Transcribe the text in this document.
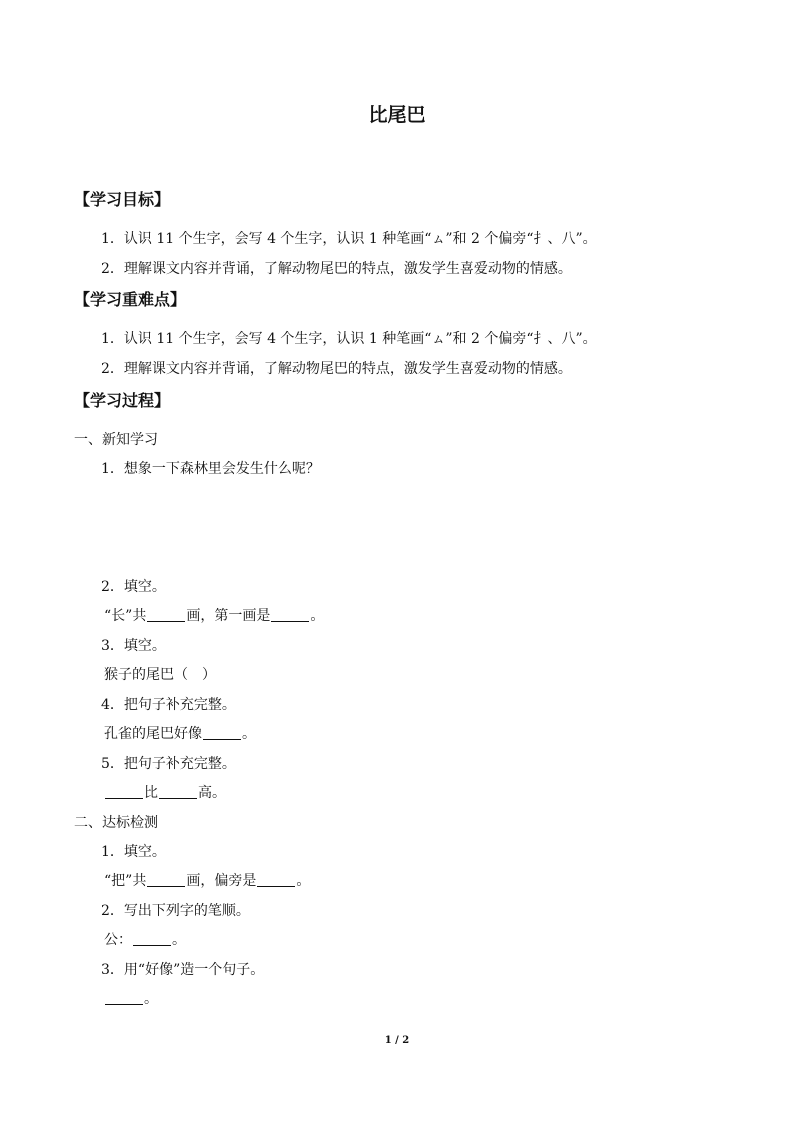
比尾巴
【学习目标】
1．认识 11 个生字，会写 4 个生字，认识 1 种笔画“ㇺ”和 2 个偏旁“扌、八”。
2．理解课文内容并背诵，了解动物尾巴的特点，激发学生喜爱动物的情感。
【学习重难点】
1．认识 11 个生字，会写 4 个生字，认识 1 种笔画“ㇺ”和 2 个偏旁“扌、八”。
2．理解课文内容并背诵，了解动物尾巴的特点，激发学生喜爱动物的情感。
【学习过程】
一、新知学习
1．想象一下森林里会发生什么呢？
2．填空。
“长”共	画，第一画是	。
3．填空。
猴子的尾巴（　）
4．把句子补充完整。
孔雀的尾巴好像	。
5．把句子补充完整。
比	高。
二、达标检测
1．填空。
“把”共	画，偏旁是	。
2．写出下列字的笔顺。
公：	。
3．用“好像”造一个句子。
。
1 / 2
